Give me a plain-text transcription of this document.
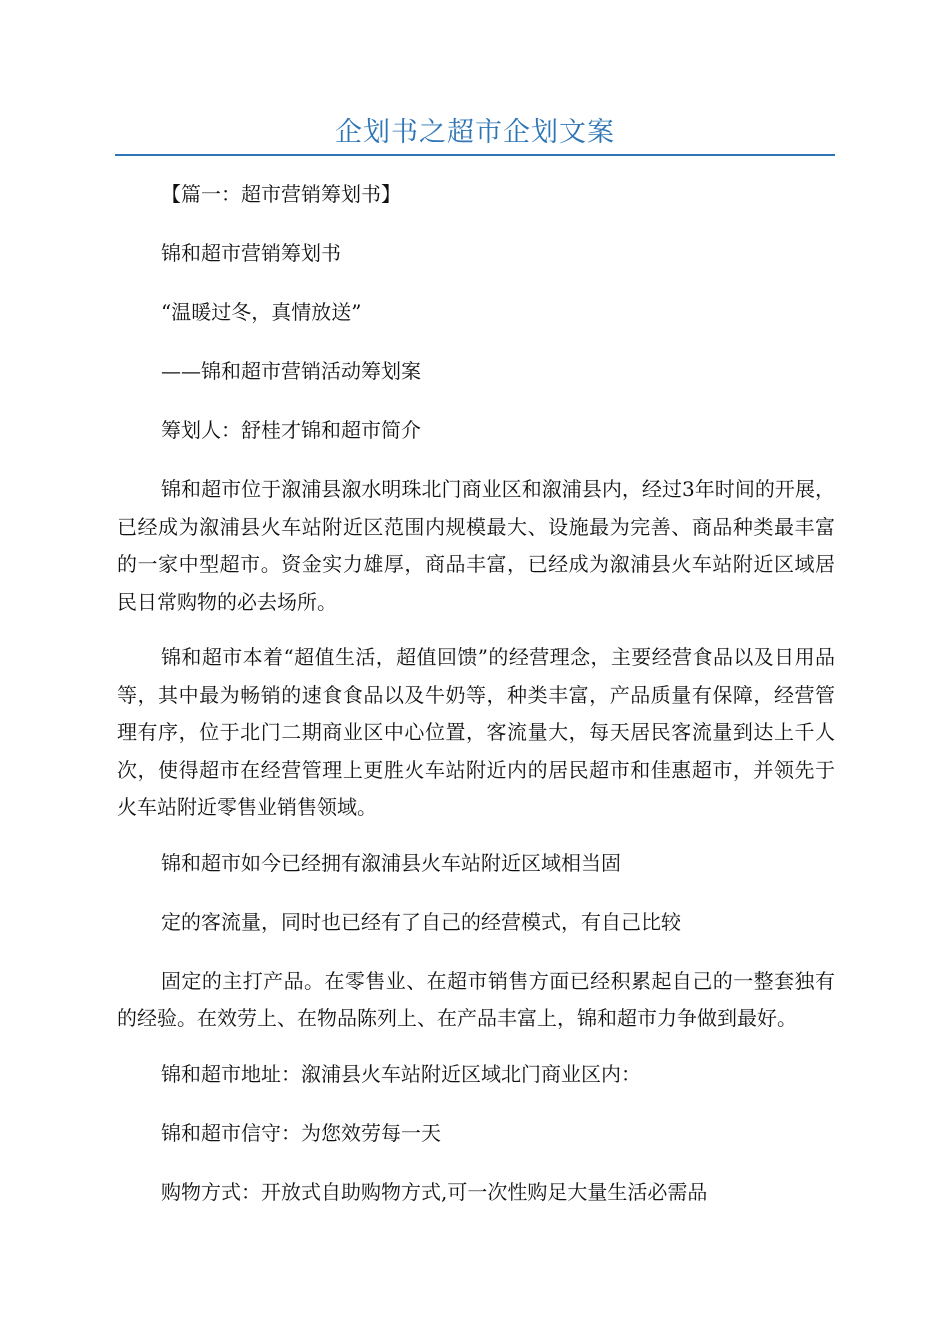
企划书之超市企划文案

【篇一：超市营销筹划书】

锦和超市营销筹划书

“温暖过冬，真情放送”

——锦和超市营销活动筹划案

筹划人：舒桂才锦和超市简介

锦和超市位于溆浦县溆水明珠北门商业区和溆浦县内，经过3年时间的开展，已经成为溆浦县火车站附近区范围内规模最大、设施最为完善、商品种类最丰富的一家中型超市。资金实力雄厚，商品丰富，已经成为溆浦县火车站附近区域居民日常购物的必去场所。

锦和超市本着“超值生活，超值回馈”的经营理念，主要经营食品以及日用品等，其中最为畅销的速食食品以及牛奶等，种类丰富，产品质量有保障，经营管理有序，位于北门二期商业区中心位置，客流量大，每天居民客流量到达上千人次，使得超市在经营管理上更胜火车站附近内的居民超市和佳惠超市，并领先于火车站附近零售业销售领域。

锦和超市如今已经拥有溆浦县火车站附近区域相当固

定的客流量，同时也已经有了自己的经营模式，有自己比较

固定的主打产品。在零售业、在超市销售方面已经积累起自己的一整套独有的经验。在效劳上、在物品陈列上、在产品丰富上，锦和超市力争做到最好。

锦和超市地址：溆浦县火车站附近区域北门商业区内：

锦和超市信守：为您效劳每一天

购物方式：开放式自助购物方式,可一次性购足大量生活必需品
